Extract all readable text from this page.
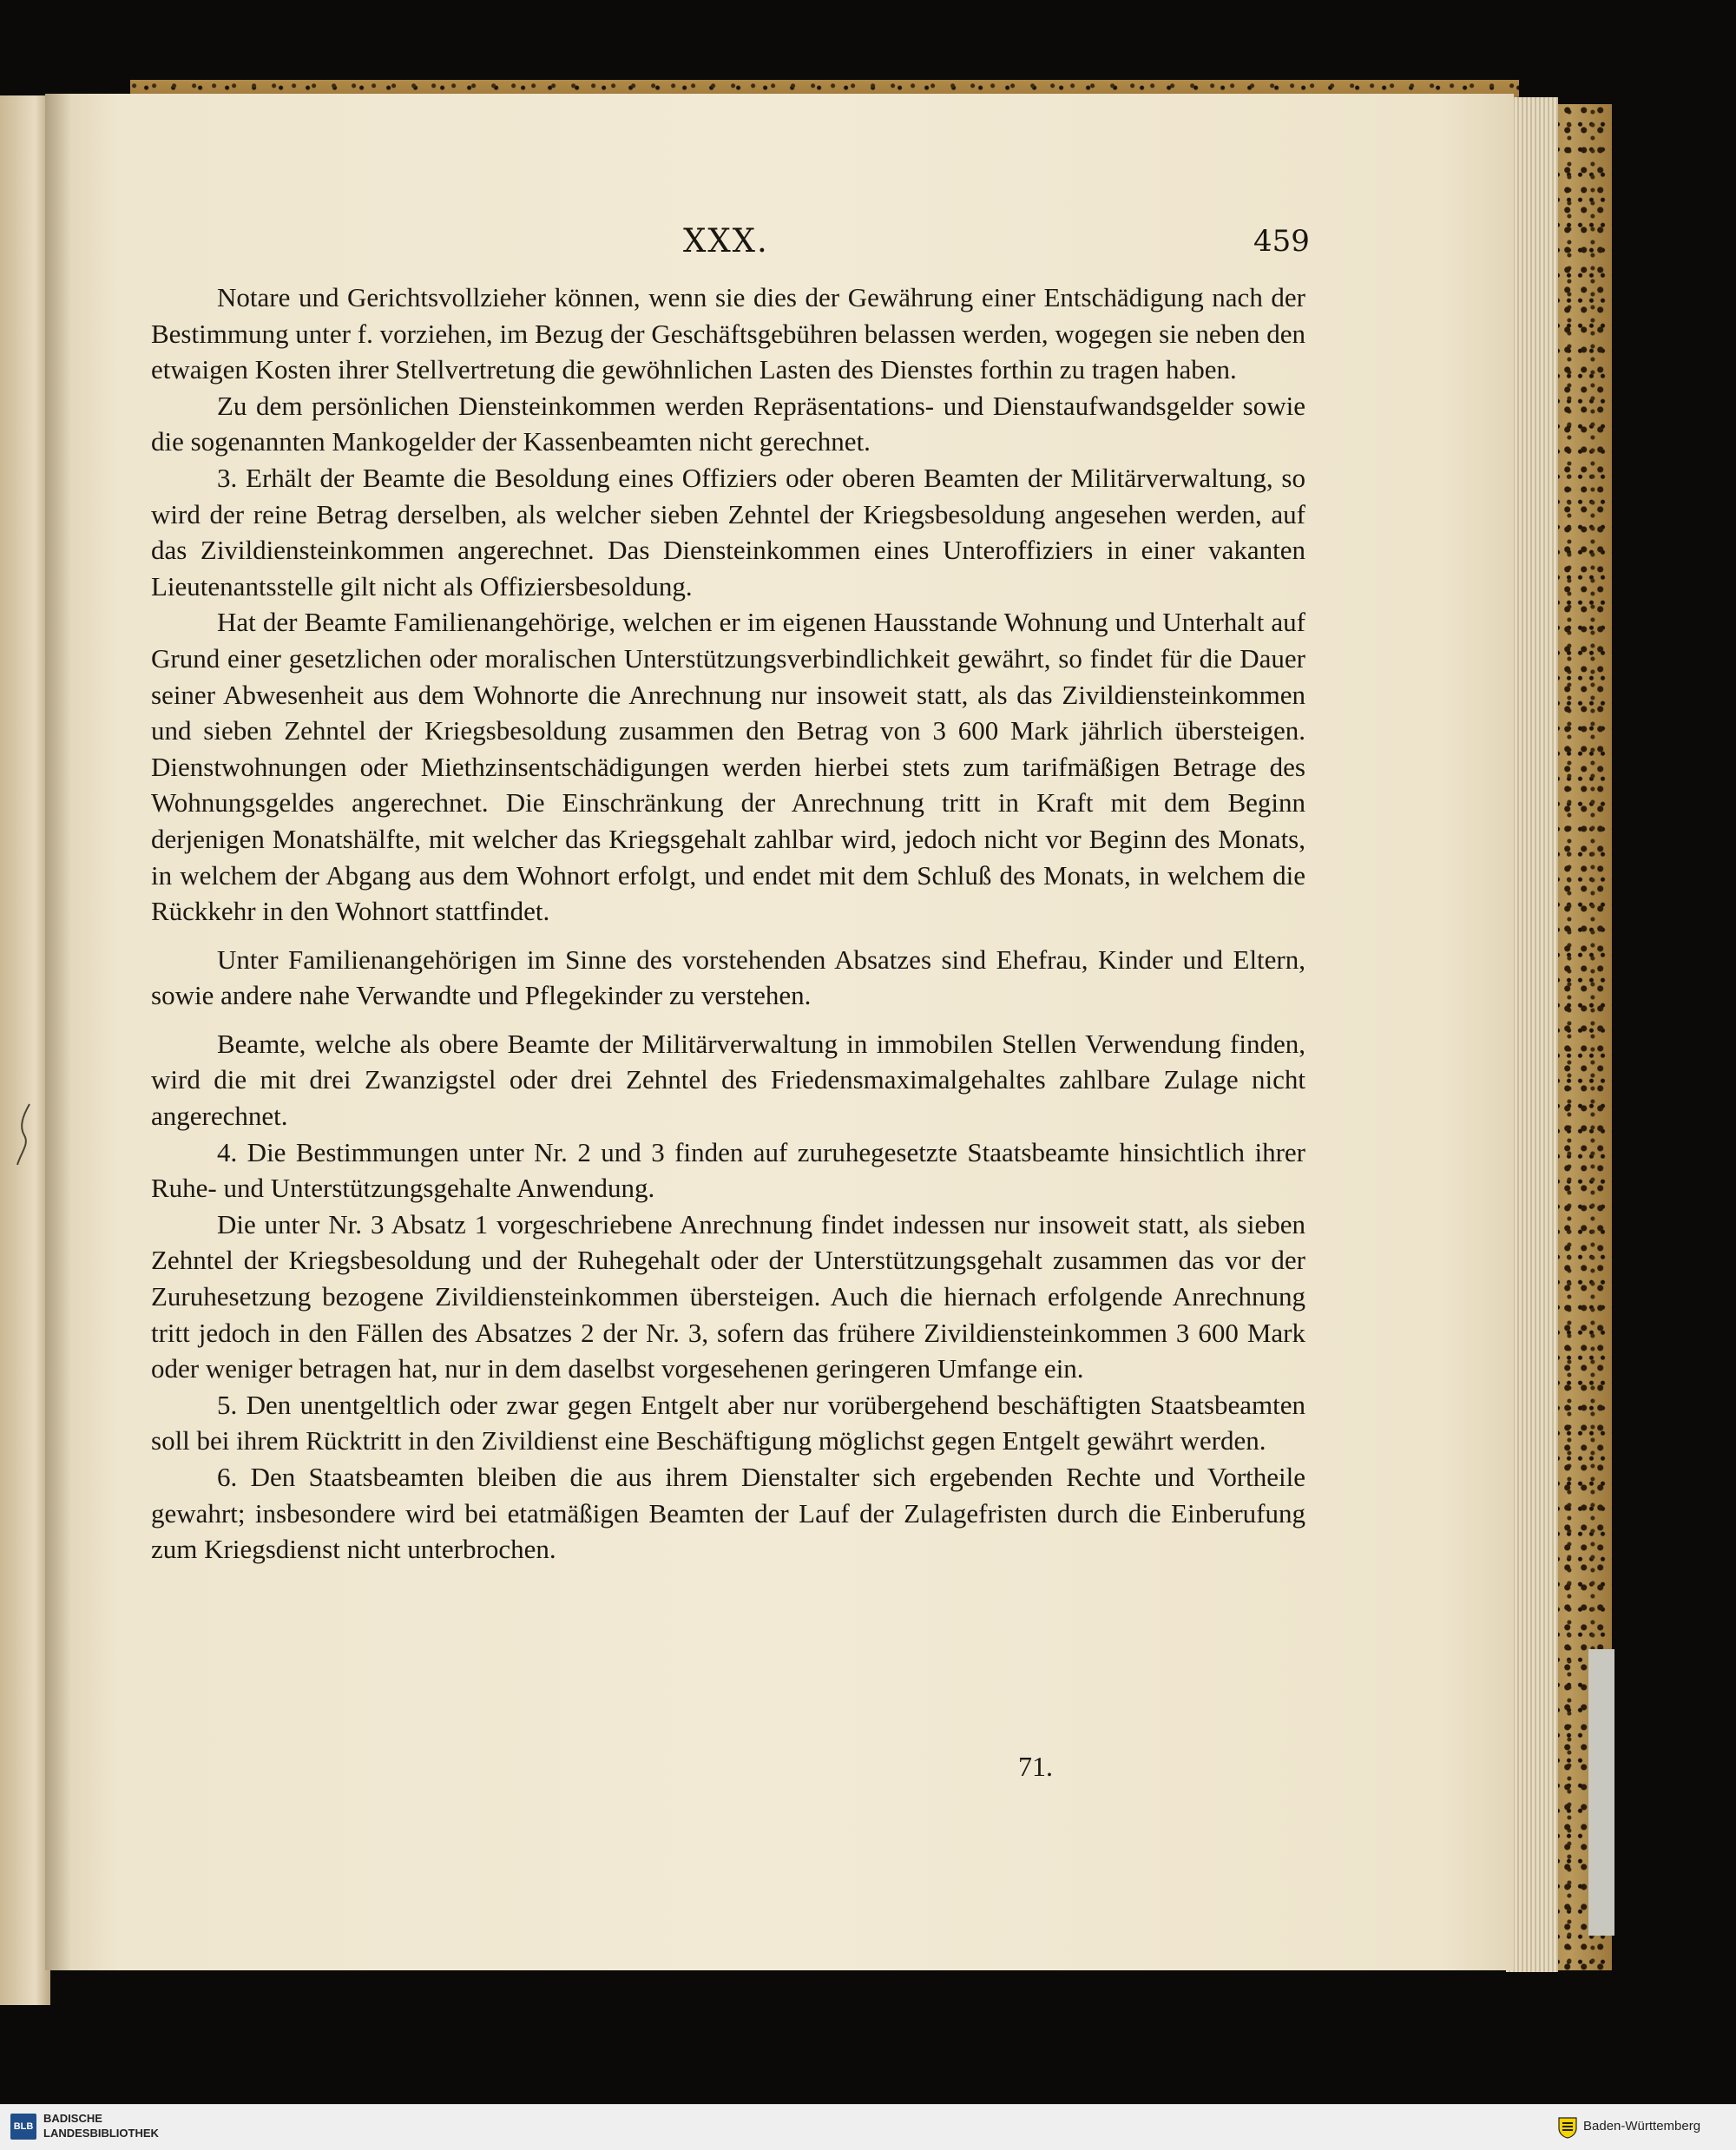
XXX.	459

Notare und Gerichtsvollzieher können, wenn sie dies der Gewährung einer Entschädigung nach der Bestimmung unter f. vorziehen, im Bezug der Geschäftsgebühren belassen werden, wogegen sie neben den etwaigen Kosten ihrer Stellvertretung die gewöhnlichen Lasten des Dienstes forthin zu tragen haben.

Zu dem persönlichen Diensteinkommen werden Repräsentations- und Dienstaufwandsgelder sowie die sogenannten Mankogelder der Kassenbeamten nicht gerechnet.

3. Erhält der Beamte die Besoldung eines Offiziers oder oberen Beamten der Militärverwaltung, so wird der reine Betrag derselben, als welcher sieben Zehntel der Kriegsbesoldung angesehen werden, auf das Zivildiensteinkommen angerechnet. Das Diensteinkommen eines Unteroffiziers in einer vakanten Lieutenantsstelle gilt nicht als Offiziersbesoldung.

Hat der Beamte Familienangehörige, welchen er im eigenen Hausstande Wohnung und Unterhalt auf Grund einer gesetzlichen oder moralischen Unterstützungsverbindlichkeit gewährt, so findet für die Dauer seiner Abwesenheit aus dem Wohnorte die Anrechnung nur insoweit statt, als das Zivildiensteinkommen und sieben Zehntel der Kriegsbesoldung zusammen den Betrag von 3 600 Mark jährlich übersteigen. Dienstwohnungen oder Miethzinsentschädigungen werden hierbei stets zum tarifmäßigen Betrage des Wohnungsgeldes angerechnet. Die Einschränkung der Anrechnung tritt in Kraft mit dem Beginn derjenigen Monatshälfte, mit welcher das Kriegsgehalt zahlbar wird, jedoch nicht vor Beginn des Monats, in welchem der Abgang aus dem Wohnort erfolgt, und endet mit dem Schluß des Monats, in welchem die Rückkehr in den Wohnort stattfindet.

Unter Familienangehörigen im Sinne des vorstehenden Absatzes sind Ehefrau, Kinder und Eltern, sowie andere nahe Verwandte und Pflegekinder zu verstehen.

Beamte, welche als obere Beamte der Militärverwaltung in immobilen Stellen Verwendung finden, wird die mit drei Zwanzigstel oder drei Zehntel des Friedensmaximalgehaltes zahlbare Zulage nicht angerechnet.

4. Die Bestimmungen unter Nr. 2 und 3 finden auf zuruhegesetzte Staatsbeamte hinsichtlich ihrer Ruhe- und Unterstützungsgehalte Anwendung.

Die unter Nr. 3 Absatz 1 vorgeschriebene Anrechnung findet indessen nur insoweit statt, als sieben Zehntel der Kriegsbesoldung und der Ruhegehalt oder der Unterstützungsgehalt zusammen das vor der Zuruhesetzung bezogene Zivildiensteinkommen übersteigen. Auch die hiernach erfolgende Anrechnung tritt jedoch in den Fällen des Absatzes 2 der Nr. 3, sofern das frühere Zivildiensteinkommen 3 600 Mark oder weniger betragen hat, nur in dem daselbst vorgesehenen geringeren Umfange ein.

5. Den unentgeltlich oder zwar gegen Entgelt aber nur vorübergehend beschäftigten Staatsbeamten soll bei ihrem Rücktritt in den Zivildienst eine Beschäftigung möglichst gegen Entgelt gewährt werden.

6. Den Staatsbeamten bleiben die aus ihrem Dienstalter sich ergebenden Rechte und Vortheile gewahrt; insbesondere wird bei etatmäßigen Beamten der Lauf der Zulagefristen durch die Einberufung zum Kriegsdienst nicht unterbrochen.

71.
BLB
BADISCHE
LANDESBIBLIOTHEK	Baden-Württemberg
